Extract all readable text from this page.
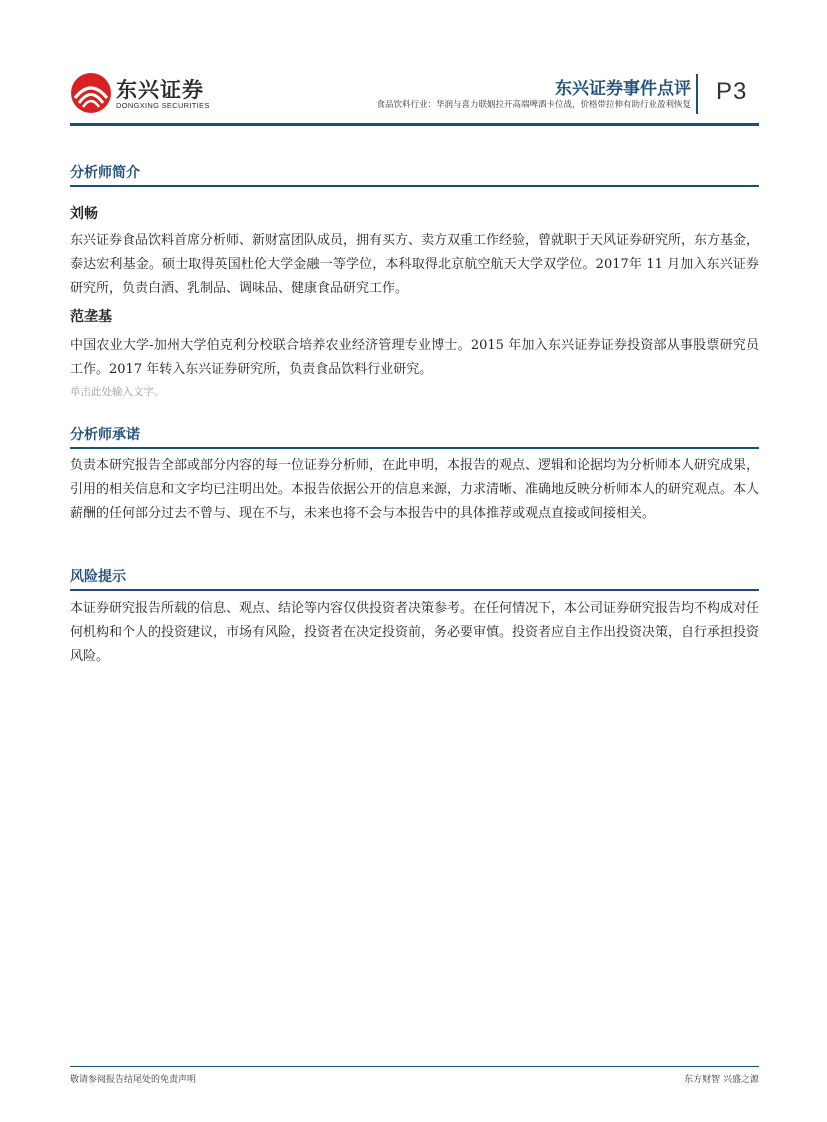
东兴证券
DONGXING SECURITIES
东兴证券事件点评
食品饮料行业：华润与喜力联姻拉开高端啤酒卡位战，价格带拉伸有助行业盈利恢复 P3
分析师简介
刘畅
东兴证券食品饮料首席分析师、新财富团队成员，拥有买方、卖方双重工作经验，曾就职于天风证券研究所，东方基金，泰达宏利基金。硕士取得英国杜伦大学金融一等学位，本科取得北京航空航天大学双学位。2017年 11 月加入东兴证券研究所，负责白酒、乳制品、调味品、健康食品研究工作。
范垄基
中国农业大学-加州大学伯克利分校联合培养农业经济管理专业博士。2015 年加入东兴证券证券投资部从事股票研究员工作。2017 年转入东兴证券研究所，负责食品饮料行业研究。
单击此处输入文字。
分析师承诺
负责本研究报告全部或部分内容的每一位证券分析师，在此申明，本报告的观点、逻辑和论据均为分析师本人研究成果，引用的相关信息和文字均已注明出处。本报告依据公开的信息来源，力求清晰、准确地反映分析师本人的研究观点。本人薪酬的任何部分过去不曾与、现在不与，未来也将不会与本报告中的具体推荐或观点直接或间接相关。
风险提示
本证券研究报告所载的信息、观点、结论等内容仅供投资者决策参考。在任何情况下，本公司证券研究报告均不构成对任何机构和个人的投资建议，市场有风险，投资者在决定投资前，务必要审慎。投资者应自主作出投资决策，自行承担投资风险。
敬请参阅报告结尾处的免责声明	东方财智 兴盛之源
